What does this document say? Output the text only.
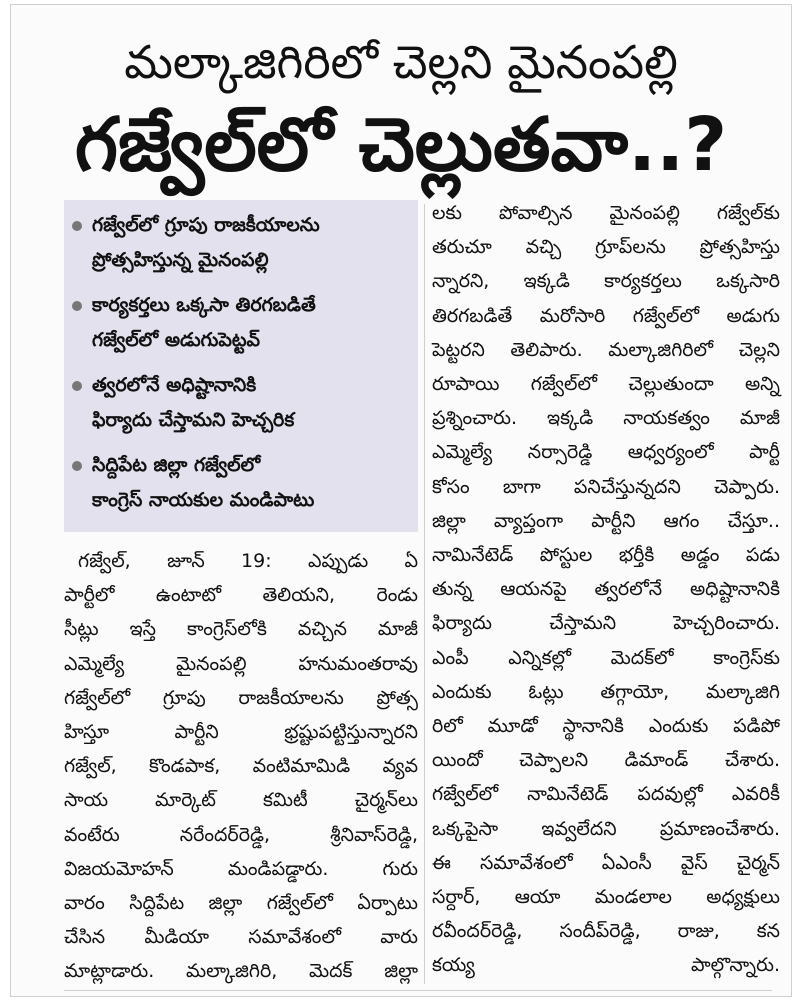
మల్కాజిగిరిలో చెల్లని మైనంపల్లి
గజ్వేల్‌లో చెల్లుతవా..?
గజ్వేల్‌లో గ్రూపు రాజకీయాలను
ప్రోత్సహిస్తున్న మైనంపల్లి
కార్యకర్తలు ఒక్కసా తిరగబడితే
గజ్వేల్‌లో అడుగుపెట్టవ్
త్వరలోనే అధిష్టానానికి
ఫిర్యాదు చేస్తామని హెచ్చరిక
సిద్దిపేట జిల్లా గజ్వేల్‌లో
కాంగ్రెస్ నాయకుల మండిపాటు
గజ్వేల్, జూన్ 19: ఎప్పుడు ఏ
పార్టీలో ఉంటాటో తెలియని, రెండు
సీట్లు ఇస్తే కాంగ్రెస్‌లోకి వచ్చిన మాజీ
ఎమ్మెల్యే మైనంపల్లి హనుమంతరావు
గజ్వేల్‌లో గ్రూపు రాజకీయాలను ప్రోత్స
హిస్తూ పార్టీని భ్రష్టుపట్టిస్తున్నారని
గజ్వేల్, కొండపాక, వంటిమామిడి వ్యవ
సాయ మార్కెట్ కమిటీ చైర్మన్‌లు
వంటేరు నరేందర్‌రెడ్డి, శ్రీనివాస్‌రెడ్డి,
విజయమోహన్ మండిపడ్డారు. గురు
వారం సిద్దిపేట జిల్లా గజ్వేల్‌లో ఏర్పాటు
చేసిన మీడియా సమావేశంలో వారు
మాట్లాడారు. మల్కాజిగిరి, మెదక్ జిల్లా
లకు పోవాల్సిన మైనంపల్లి గజ్వేల్‌కు
తరుచూ వచ్చి గ్రూప్‌లను ప్రోత్సహిస్తు
న్నారని, ఇక్కడి కార్యకర్తలు ఒక్కసారి
తిరగబడితే మరోసారి గజ్వేల్‌లో అడుగు
పెట్టరని తెలిపారు. మల్కాజిగిరిలో చెల్లని
రూపాయి గజ్వేల్‌లో చెల్లుతుందా అన్ని
ప్రశ్నించారు. ఇక్కడి నాయకత్వం మాజీ
ఎమ్మెల్యే నర్సారెడ్డి ఆధ్వర్యంలో పార్టీ
కోసం బాగా పనిచేస్తున్నదని చెప్పారు.
జిల్లా వ్యాప్తంగా పార్టీని ఆగం చేస్తూ..
నామినేటెడ్ పోస్టుల భర్తీకి అడ్డం పడు
తున్న ఆయనపై త్వరలోనే అధిష్టానానికి
ఫిర్యాదు చేస్తామని హెచ్చరించారు.
ఎంపీ ఎన్నికల్లో మెదక్‌లో కాంగ్రెస్‌కు
ఎందుకు ఓట్లు తగ్గాయో, మల్కాజిగి
రిలో మూడో స్థానానికి ఎందుకు పడిపో
యిందో చెప్పాలని డిమాండ్ చేశారు.
గజ్వేల్‌లో నామినేటెడ్ పదవుల్లో ఎవరికీ
ఒక్కపైసా ఇవ్వలేదని ప్రమాణంచేశారు.
ఈ సమావేశంలో ఏఎంసీ వైస్ చైర్మన్
సర్దార్, ఆయా మండలాల అధ్యక్షులు
రవీందర్‌రెడ్డి, సందీప్‌రెడ్డి, రాజు, కన
కయ్య పాల్గొన్నారు.
